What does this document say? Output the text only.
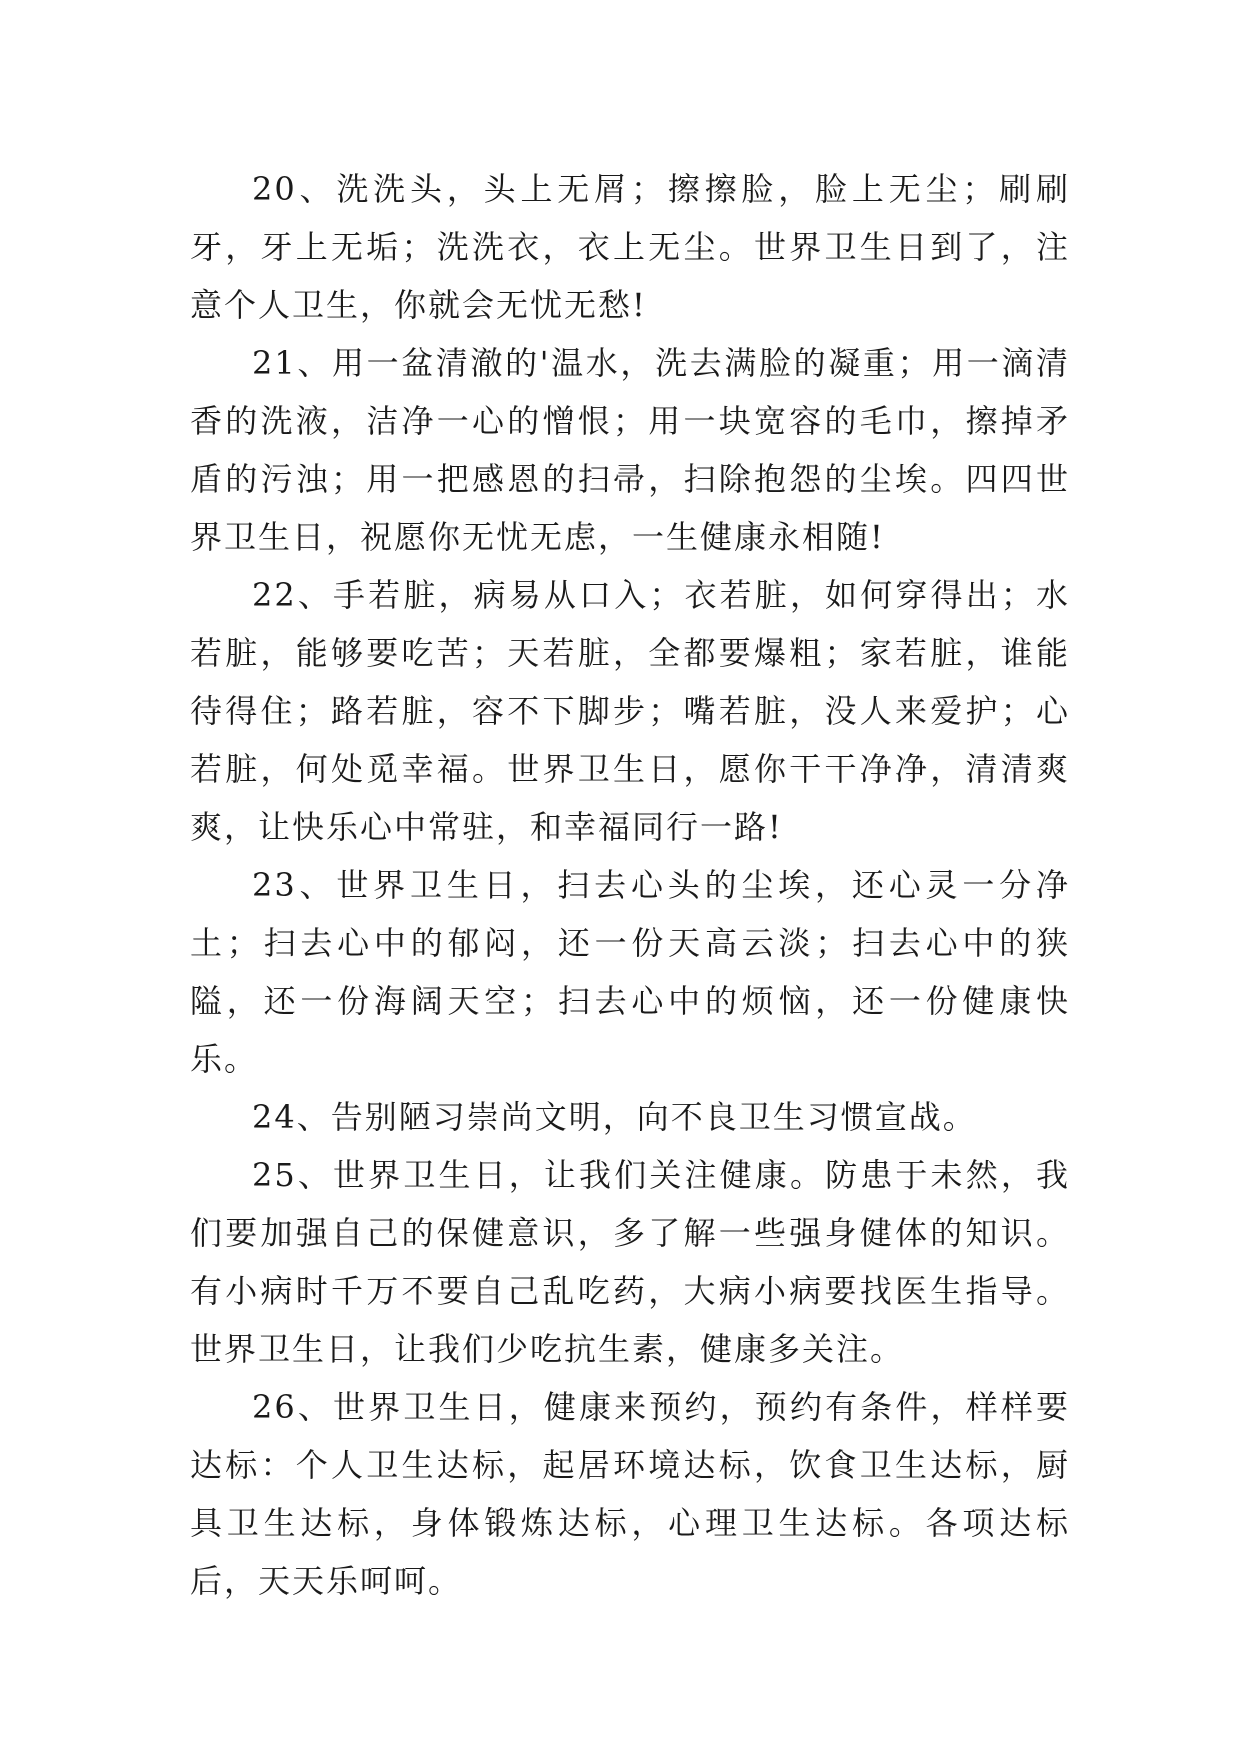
20、洗洗头，头上无屑；擦擦脸，脸上无尘；刷刷牙，牙上无垢；洗洗衣，衣上无尘。世界卫生日到了，注意个人卫生，你就会无忧无愁!

21、用一盆清澈的'温水，洗去满脸的凝重；用一滴清香的洗液，洁净一心的憎恨；用一块宽容的毛巾，擦掉矛盾的污浊；用一把感恩的扫帚，扫除抱怨的尘埃。四四世界卫生日，祝愿你无忧无虑，一生健康永相随!

22、手若脏，病易从口入；衣若脏，如何穿得出；水若脏，能够要吃苦；天若脏，全都要爆粗；家若脏，谁能待得住；路若脏，容不下脚步；嘴若脏，没人来爱护；心若脏，何处觅幸福。世界卫生日，愿你干干净净，清清爽爽，让快乐心中常驻，和幸福同行一路!

23、世界卫生日，扫去心头的尘埃，还心灵一分净土；扫去心中的郁闷，还一份天高云淡；扫去心中的狭隘，还一份海阔天空；扫去心中的烦恼，还一份健康快乐。

24、告别陋习崇尚文明，向不良卫生习惯宣战。

25、世界卫生日，让我们关注健康。防患于未然，我们要加强自己的保健意识，多了解一些强身健体的知识。有小病时千万不要自己乱吃药，大病小病要找医生指导。世界卫生日，让我们少吃抗生素，健康多关注。

26、世界卫生日，健康来预约，预约有条件，样样要达标：个人卫生达标，起居环境达标，饮食卫生达标，厨具卫生达标，身体锻炼达标，心理卫生达标。各项达标后，天天乐呵呵。
